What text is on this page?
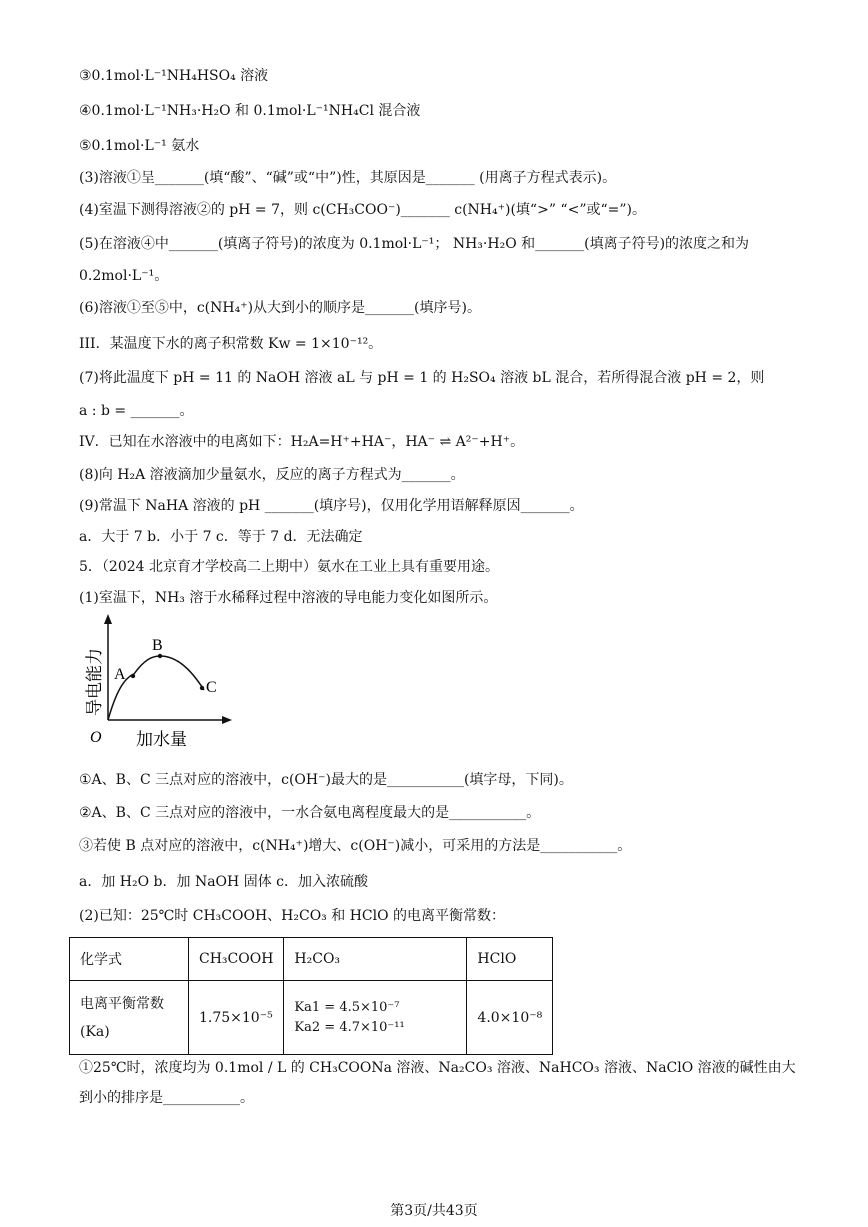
③0.1mol·L⁻¹NH₄HSO₄ 溶液
④0.1mol·L⁻¹NH₃·H₂O 和 0.1mol·L⁻¹NH₄Cl 混合液
⑤0.1mol·L⁻¹ 氨水
(3)溶液①呈_______(填“酸”、“碱”或“中”)性，其原因是_______ (用离子方程式表示)。
(4)室温下测得溶液②的 pH = 7，则 c(CH₃COO⁻)_______ c(NH₄⁺)(填“>” “<”或“=”)。
(5)在溶液④中_______(填离子符号)的浓度为 0.1mol·L⁻¹； NH₃·H₂O 和_______(填离子符号)的浓度之和为
0.2mol·L⁻¹。
(6)溶液①至⑤中，c(NH₄⁺)从大到小的顺序是_______(填序号)。
III．某温度下水的离子积常数 Kw = 1×10⁻¹²。
(7)将此温度下 pH = 11 的 NaOH 溶液 aL 与 pH = 1 的 H₂SO₄ 溶液 bL 混合，若所得混合液 pH = 2，则
a : b = _______。
IV．已知在水溶液中的电离如下：H₂A=H⁺+HA⁻，HA⁻ ⇌ A²⁻+H⁺。
(8)向 H₂A 溶液滴加少量氨水，反应的离子方程式为_______。
(9)常温下 NaHA 溶液的 pH _______(填序号)，仅用化学用语解释原因_______。
a．大于 7 b．小于 7 c．等于 7 d．无法确定
5．（2024 北京育才学校高二上期中）氨水在工业上具有重要用途。
(1)室温下，NH₃ 溶于水稀释过程中溶液的导电能力变化如图所示。
①A、B、C 三点对应的溶液中，c(OH⁻)最大的是___________(填字母，下同)。
②A、B、C 三点对应的溶液中，一水合氨电离程度最大的是___________。
③若使 B 点对应的溶液中，c(NH₄⁺)增大、c(OH⁻)减小，可采用的方法是___________。
a．加 H₂O b．加 NaOH 固体 c．加入浓硫酸
(2)已知：25℃时 CH₃COOH、H₂CO₃ 和 HClO 的电离平衡常数：
①25℃时，浓度均为 0.1mol / L 的 CH₃COONa 溶液、Na₂CO₃ 溶液、NaHCO₃ 溶液、NaClO 溶液的碱性由大
到小的排序是___________。
A
B
C
O 加水量
导电能力
化学式	CH₃COOH	H₂CO₃	HClO
电离平衡常数 (Ka)	1.75×10⁻⁵	Ka1 = 4.5×10⁻⁷
Ka2 = 4.7×10⁻¹¹	4.0×10⁻⁸
第3页/共43页
